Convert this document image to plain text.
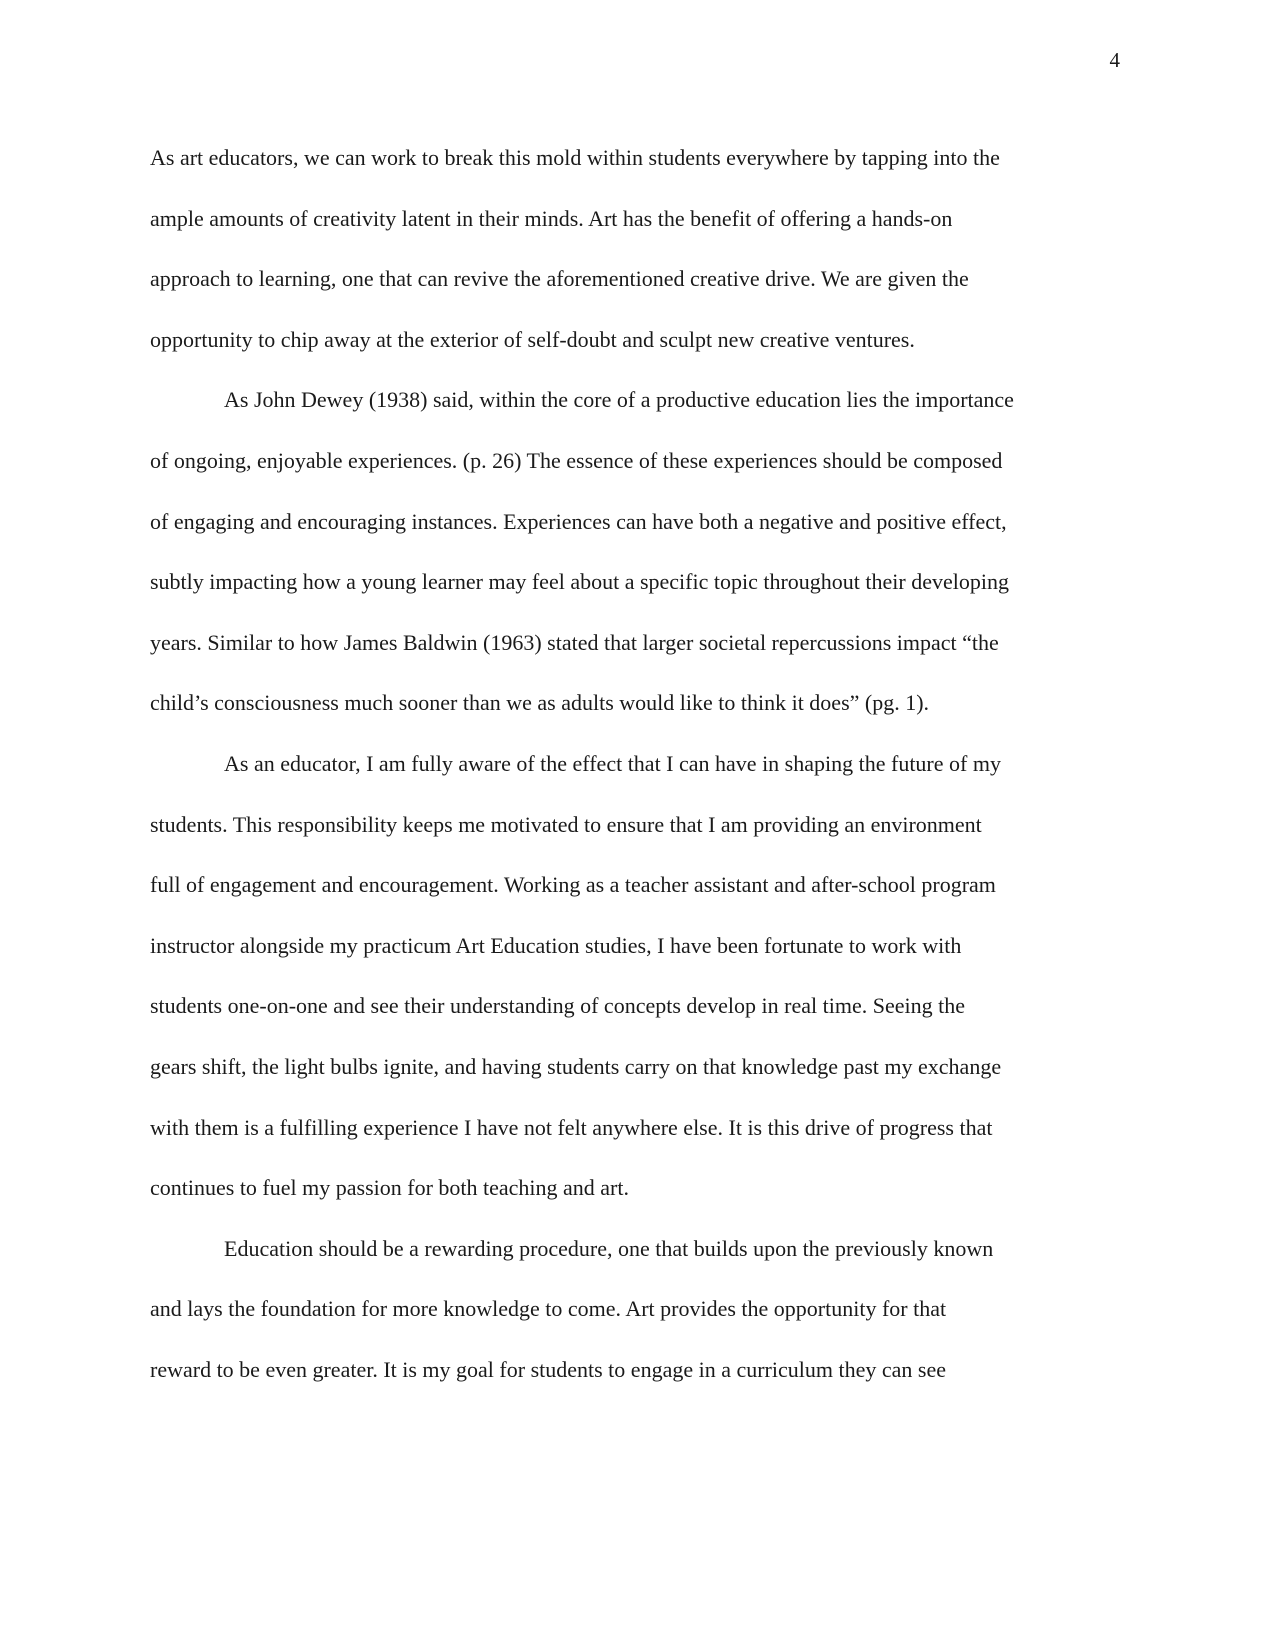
4
As art educators, we can work to break this mold within students everywhere by tapping into the
ample amounts of creativity latent in their minds. Art has the benefit of offering a hands-on
approach to learning, one that can revive the aforementioned creative drive. We are given the
opportunity to chip away at the exterior of self-doubt and sculpt new creative ventures.
As John Dewey (1938) said, within the core of a productive education lies the importance
of ongoing, enjoyable experiences. (p. 26) The essence of these experiences should be composed
of engaging and encouraging instances. Experiences can have both a negative and positive effect,
subtly impacting how a young learner may feel about a specific topic throughout their developing
years. Similar to how James Baldwin (1963) stated that larger societal repercussions impact “the
child’s consciousness much sooner than we as adults would like to think it does” (pg. 1).
As an educator, I am fully aware of the effect that I can have in shaping the future of my
students. This responsibility keeps me motivated to ensure that I am providing an environment
full of engagement and encouragement. Working as a teacher assistant and after-school program
instructor alongside my practicum Art Education studies, I have been fortunate to work with
students one-on-one and see their understanding of concepts develop in real time. Seeing the
gears shift, the light bulbs ignite, and having students carry on that knowledge past my exchange
with them is a fulfilling experience I have not felt anywhere else. It is this drive of progress that
continues to fuel my passion for both teaching and art.
Education should be a rewarding procedure, one that builds upon the previously known
and lays the foundation for more knowledge to come. Art provides the opportunity for that
reward to be even greater. It is my goal for students to engage in a curriculum they can see
